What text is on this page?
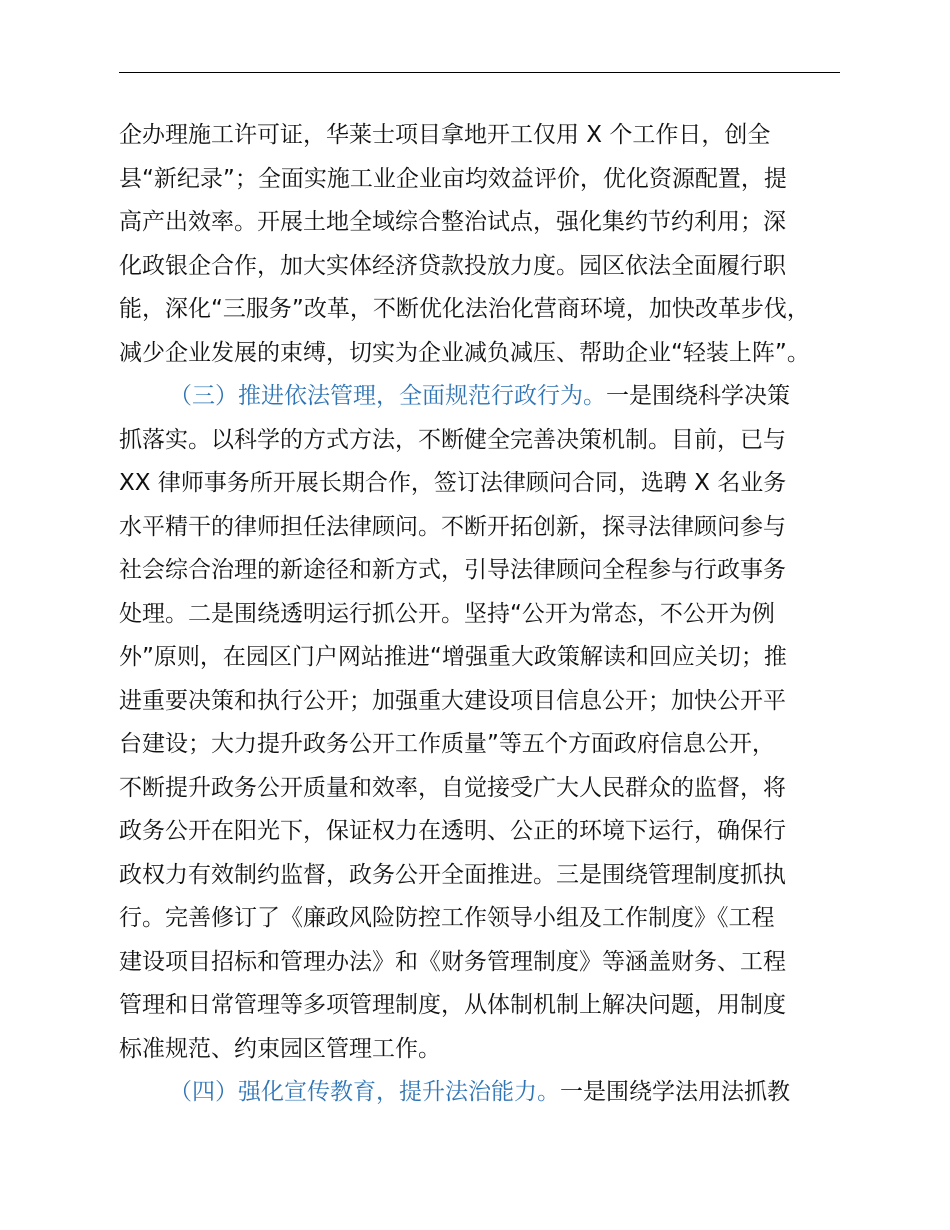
企办理施工许可证，华莱士项目拿地开工仅用 X 个工作日，创全
县“新纪录”；全面实施工业企业亩均效益评价，优化资源配置，提
高产出效率。开展土地全域综合整治试点，强化集约节约利用；深
化政银企合作，加大实体经济贷款投放力度。园区依法全面履行职
能，深化“三服务”改革，不断优化法治化营商环境，加快改革步伐，
减少企业发展的束缚，切实为企业减负减压、帮助企业“轻装上阵”。
（三）推进依法管理，全面规范行政行为。一是围绕科学决策
抓落实。以科学的方式方法，不断健全完善决策机制。目前，已与
XX 律师事务所开展长期合作，签订法律顾问合同，选聘 X 名业务
水平精干的律师担任法律顾问。不断开拓创新，探寻法律顾问参与
社会综合治理的新途径和新方式，引导法律顾问全程参与行政事务
处理。二是围绕透明运行抓公开。坚持“公开为常态，不公开为例
外”原则，在园区门户网站推进“增强重大政策解读和回应关切；推
进重要决策和执行公开；加强重大建设项目信息公开；加快公开平
台建设；大力提升政务公开工作质量”等五个方面政府信息公开，
不断提升政务公开质量和效率，自觉接受广大人民群众的监督，将
政务公开在阳光下，保证权力在透明、公正的环境下运行，确保行
政权力有效制约监督，政务公开全面推进。三是围绕管理制度抓执
行。完善修订了《廉政风险防控工作领导小组及工作制度》《工程
建设项目招标和管理办法》和《财务管理制度》等涵盖财务、工程
管理和日常管理等多项管理制度，从体制机制上解决问题，用制度
标准规范、约束园区管理工作。
（四）强化宣传教育，提升法治能力。一是围绕学法用法抓教
